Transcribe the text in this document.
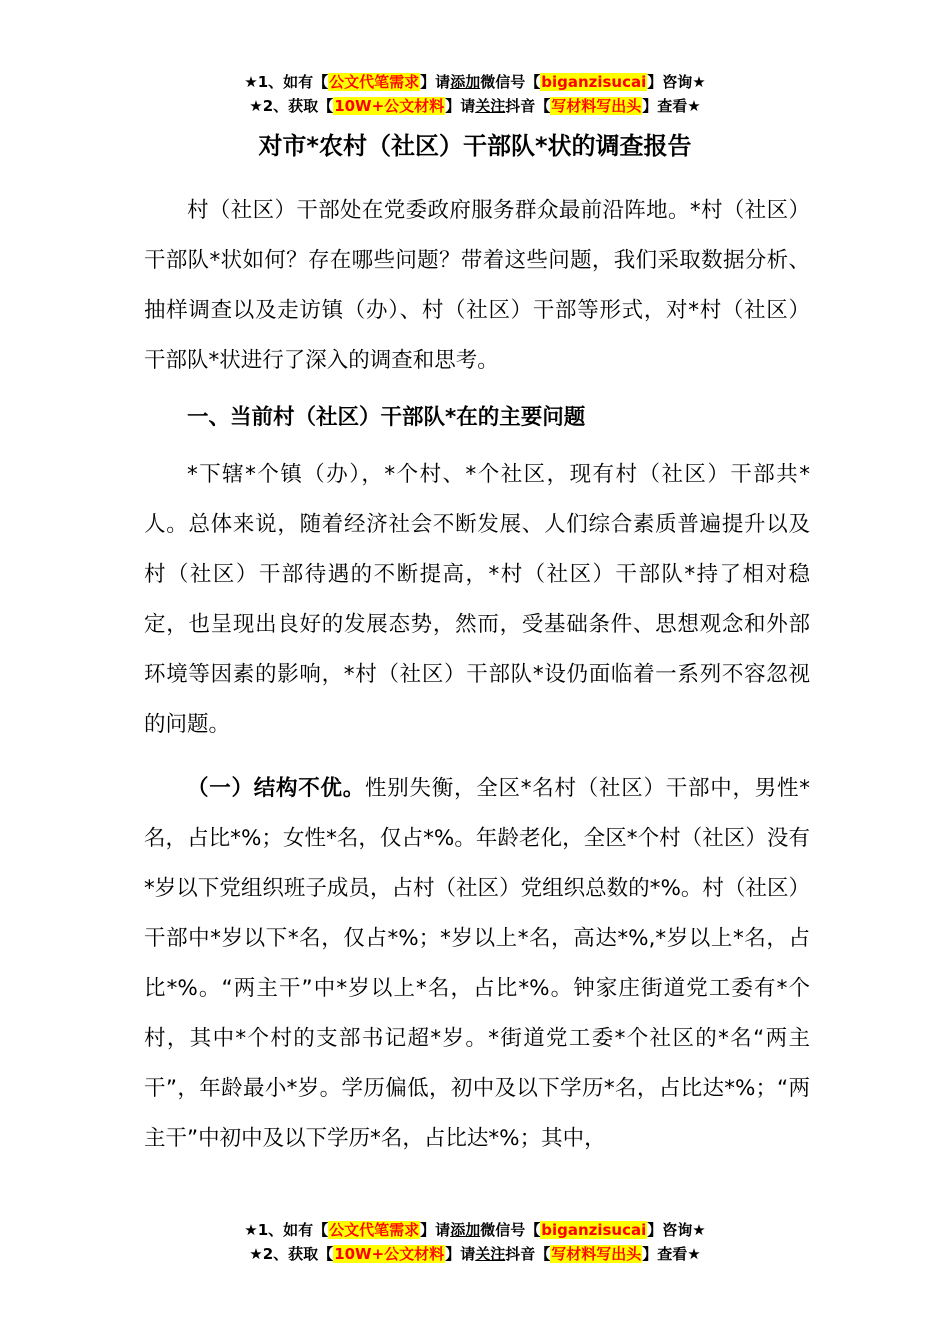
★1、如有【公文代笔需求】请添加微信号【biganzisucai】咨询★
★2、获取【10W+公文材料】请关注抖音【写材料写出头】查看★
对市*农村（社区）干部队*状的调查报告

村（社区）干部处在党委政府服务群众最前沿阵地。*村（社区）干部队*状如何？存在哪些问题？带着这些问题，我们采取数据分析、抽样调查以及走访镇（办）、村（社区）干部等形式，对*村（社区）干部队*状进行了深入的调查和思考。

一、当前村（社区）干部队*在的主要问题

*下辖*个镇（办），*个村、*个社区，现有村（社区）干部共*人。总体来说，随着经济社会不断发展、人们综合素质普遍提升以及村（社区）干部待遇的不断提高，*村（社区）干部队*持了相对稳定，也呈现出良好的发展态势，然而，受基础条件、思想观念和外部环境等因素的影响，*村（社区）干部队*设仍面临着一系列不容忽视的问题。

（一）结构不优。性别失衡，全区*名村（社区）干部中，男性*名，占比*%；女性*名，仅占*%。年龄老化，全区*个村（社区）没有*岁以下党组织班子成员，占村（社区）党组织总数的*%。村（社区）干部中*岁以下*名，仅占*%；*岁以上*名，高达*%,*岁以上*名，占比*%。“两主干”中*岁以上*名，占比*%。钟家庄街道党工委有*个村，其中*个村的支部书记超*岁。*街道党工委*个社区的*名“两主干”，年龄最小*岁。学历偏低，初中及以下学历*名，占比达*%；“两主干”中初中及以下学历*名，占比达*%；其中，

★1、如有【公文代笔需求】请添加微信号【biganzisucai】咨询★
★2、获取【10W+公文材料】请关注抖音【写材料写出头】查看★
